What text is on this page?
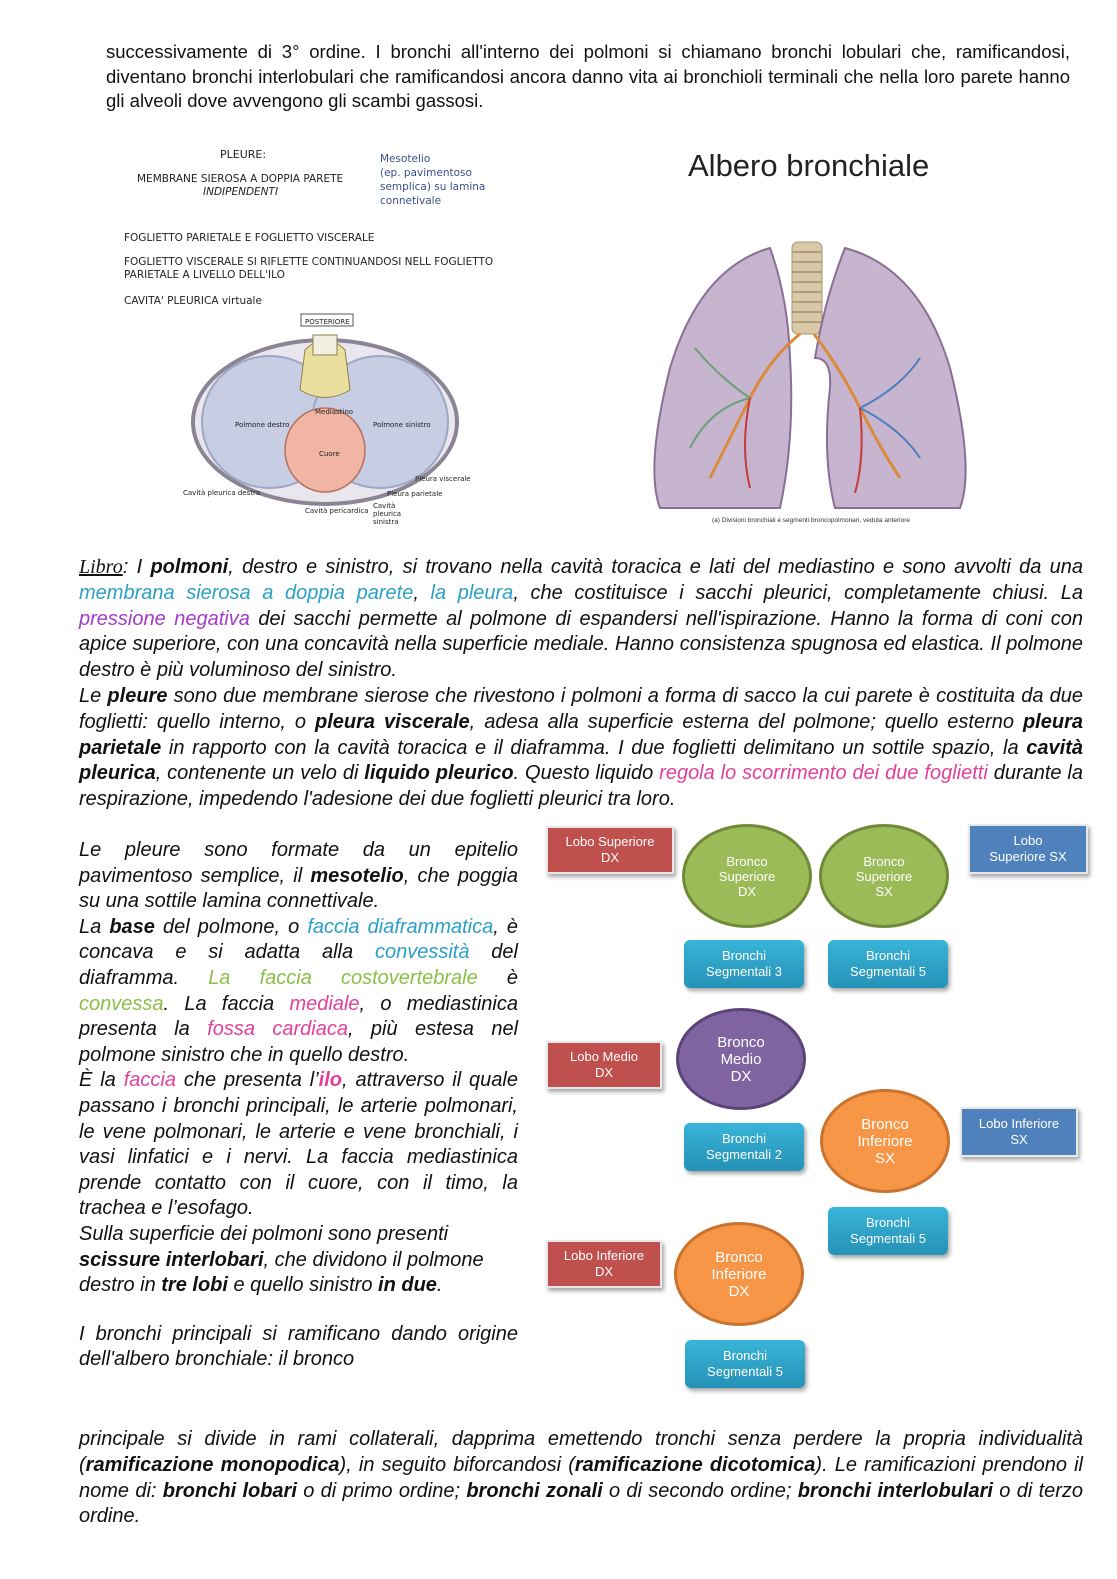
successivamente di 3° ordine. I bronchi all'interno dei polmoni si chiamano bronchi lobulari che, ramificandosi, diventano bronchi interlobulari che ramificandosi ancora danno vita ai bronchioli terminali che nella loro parete hanno gli alveoli dove avvengono gli scambi gassosi.
PLEURE:
MEMBRANE SIEROSA A DOPPIA PARETE
INDIPENDENTI
Mesotelio
(ep. pavimentoso
semplica) su lamina
connetivale
FOGLIETTO PARIETALE E FOGLIETTO VISCERALE
FOGLIETTO VISCERALE SI RIFLETTE CONTINUANDOSI NELL FOGLIETTO
PARIETALE A LIVELLO DELL'ILO
CAVITA' PLEURICA virtuale
POSTERIORE
Mediastino
Polmone destro	Polmone sinistro
Cuore
Cavità pleurica destra
Pleura viscerale
Pleura parietale
Cavità pericardica
Cavità pleurica sinistra
Albero bronchiale
(a) Divisioni bronchiali e segmenti broncopolmonari, veduta anteriore

Libro: I polmoni, destro e sinistro, si trovano nella cavità toracica e lati del mediastino e sono avvolti da una membrana sierosa a doppia parete, la pleura, che costituisce i sacchi pleurici, completamente chiusi. La pressione negativa dei sacchi permette al polmone di espandersi nell'ispirazione. Hanno la forma di coni con apice superiore, con una concavità nella superficie mediale. Hanno consistenza spugnosa ed elastica. Il polmone destro è più voluminoso del sinistro.

Le pleure sono due membrane sierose che rivestono i polmoni a forma di sacco la cui parete è costituita da due foglietti: quello interno, o pleura viscerale, adesa alla superficie esterna del polmone; quello esterno pleura parietale in rapporto con la cavità toracica e il diaframma. I due foglietti delimitano un sottile spazio, la cavità pleurica, contenente un velo di liquido pleurico. Questo liquido regola lo scorrimento dei due foglietti durante la respirazione, impedendo l'adesione dei due foglietti pleurici tra loro.

Le pleure sono formate da un epitelio pavimentoso semplice, il mesotelio, che poggia su una sottile lamina connettivale.

La base del polmone, o faccia diaframmatica, è concava e si adatta alla convessità del diaframma. La faccia costovertebrale è convessa. La faccia mediale, o mediastinica presenta la fossa cardiaca, più estesa nel polmone sinistro che in quello destro.

È la faccia che presenta l’ilo, attraverso il quale passano i bronchi principali, le arterie polmonari, le vene polmonari, le arterie e vene bronchiali, i vasi linfatici e i nervi. La faccia mediastinica prende contatto con il cuore, con il timo, la trachea e l’esofago.

Sulla superficie dei polmoni sono presenti scissure interlobari, che dividono il polmone destro in tre lobi e quello sinistro in due.

I bronchi principali si ramificano dando origine dell'albero bronchiale: il bronco

principale si divide in rami collaterali, dapprima emettendo tronchi senza perdere la propria individualità (ramificazione monopodica), in seguito biforcandosi (ramificazione dicotomica). Le ramificazioni prendono il nome di: bronchi lobari o di primo ordine; bronchi zonali o di secondo ordine; bronchi interlobulari o di terzo ordine.

Lobo Superiore
DX	Bronco
Superiore
DX
Bronco
Superiore
SX
Lobo
Superiore SX
Bronchi
Segmentali 3
Bronchi
Segmentali 5
Lobo Medio
DX
Bronco
Medio
DX
Bronco
Inferiore
SX
Lobo Inferiore
SX
Bronchi
Segmentali 2
Bronchi
Segmentali 5
Lobo Inferiore
DX
Bronco
Inferiore
DX
Bronchi
Segmentali 5
